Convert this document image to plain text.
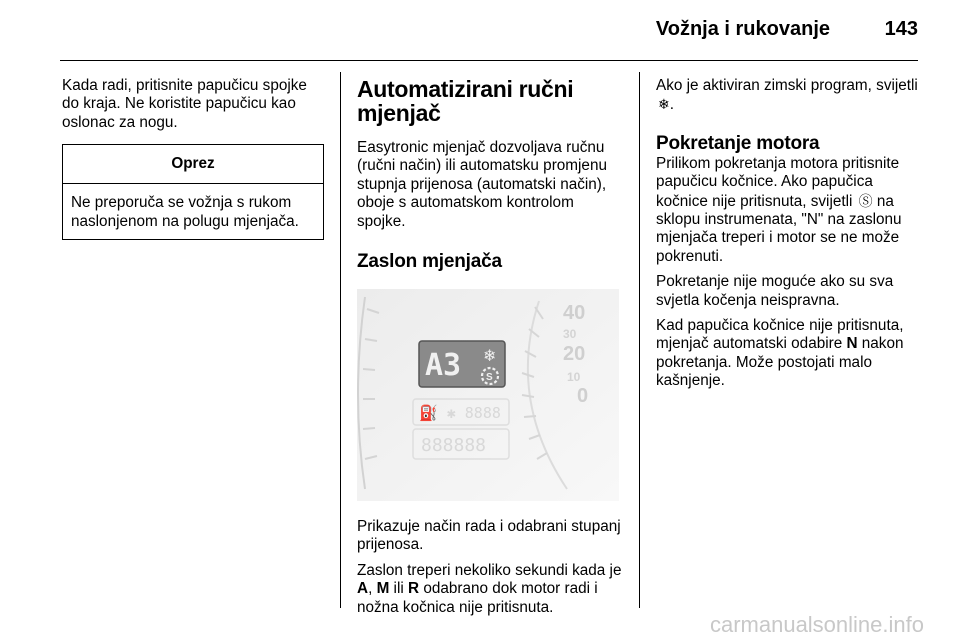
Vožnja i rukovanje	143

Kada radi, pritisnite papučicu spojke do kraja. Ne koristite papučicu kao oslonac za nogu.

Oprez
Ne preporuča se vožnja s rukom naslonjenom na polugu mjenjača.
Automatizirani ručni mjenjač

Easytronic mjenjač dozvoljava ručnu (ručni način) ili automatsku promjenu stupnja prijenosa (automatski način), oboje s automatskom kontrolom spojke.

Zaslon mjenjača
40
30
20
10
0
A3 ❄
S
⛽ ✱ 8888
888888

Prikazuje način rada i odabrani stupanj prijenosa.

Zaslon treperi nekoliko sekundi kada je A, M ili R odabrano dok motor radi i nožna kočnica nije pritisnuta.

Ako je aktiviran zimski program, svijetli ❄.

Pokretanje motora

Prilikom pokretanja motora pritisnite papučicu kočnice. Ako papučica kočnice nije pritisnuta, svijetli Ⓢ na sklopu instrumenata, "N" na zaslonu mjenjača treperi i motor se ne može pokrenuti.

Pokretanje nije moguće ako su sva svjetla kočenja neispravna.

Kad papučica kočnice nije pritisnuta, mjenjač automatski odabire N nakon pokretanja. Može postojati malo kašnjenje.

carmanualsonline.info
